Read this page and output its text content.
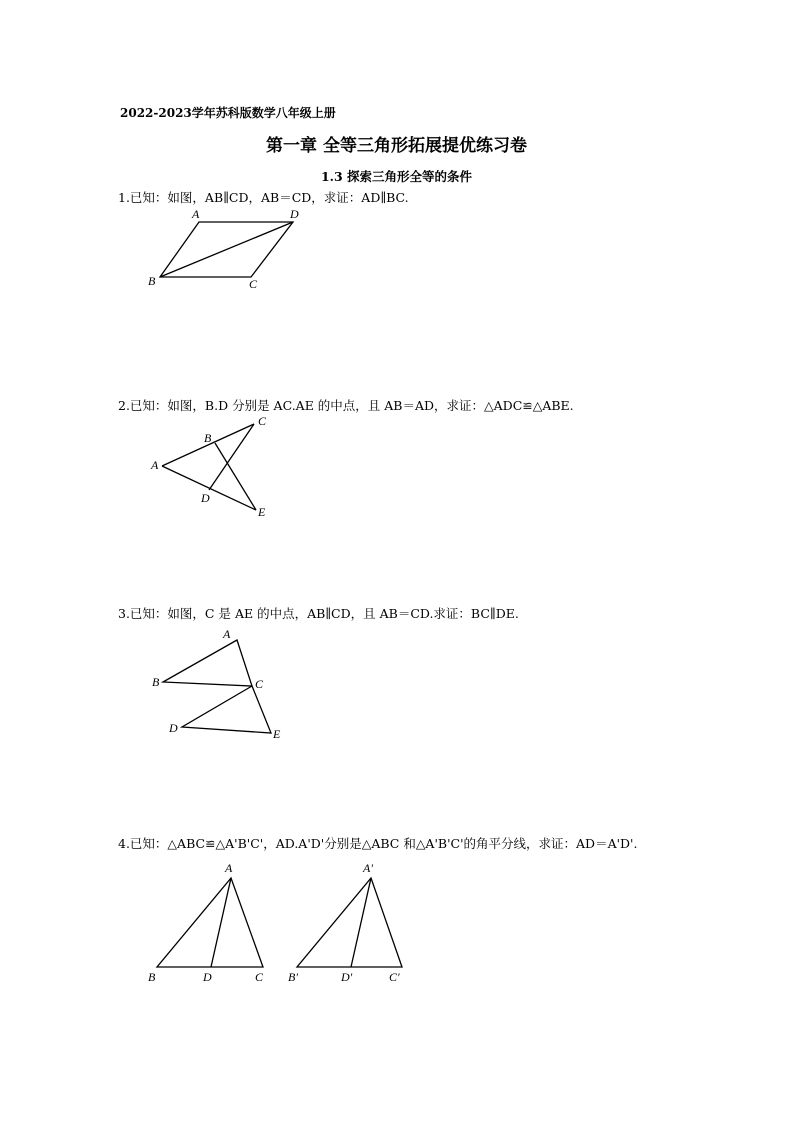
2022-2023学年苏科版数学八年级上册
第一章 全等三角形拓展提优练习卷
1.3 探索三角形全等的条件
1.已知：如图，AB∥CD，AB＝CD，求证：AD∥BC.
A	D
B	C
2.已知：如图，B.D 分别是 AC.AE 的中点，且 AB＝AD，求证：△ADC≌△ABE.
A
B
C
D
E
3.已知：如图，C 是 AE 的中点，AB∥CD，且 AB＝CD.求证：BC∥DE.
A
B	C
D	E
4.已知：△ABC≌△A'B'C'，AD.A'D'分别是△ABC 和△A'B'C'的角平分线，求证：AD＝A'D'.
A
B	D	C
A'
B'	D'	C'
